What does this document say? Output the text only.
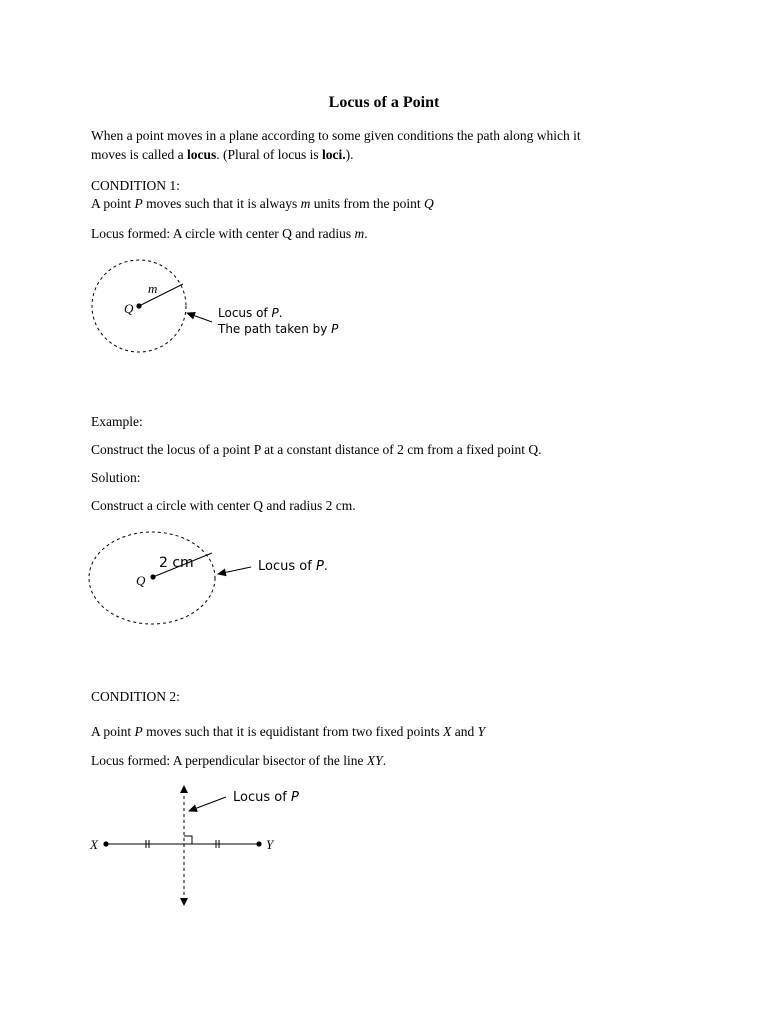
Locus of a Point

When a point moves in a plane according to some given conditions the path along which it

moves is called a locus. (Plural of locus is loci.).

CONDITION 1:

A point P moves such that it is always m units from the point Q

Locus formed: A circle with center Q and radius m.

Q
m
Locus of P.
The path taken by P
Q
2 cm	Locus of P.
X	Y
Locus of P

Example:

Construct the locus of a point P at a constant distance of 2 cm from a fixed point Q.

Solution:

Construct a circle with center Q and radius 2 cm.

CONDITION 2:

A point P moves such that it is equidistant from two fixed points X and Y

Locus formed: A perpendicular bisector of the line XY.
